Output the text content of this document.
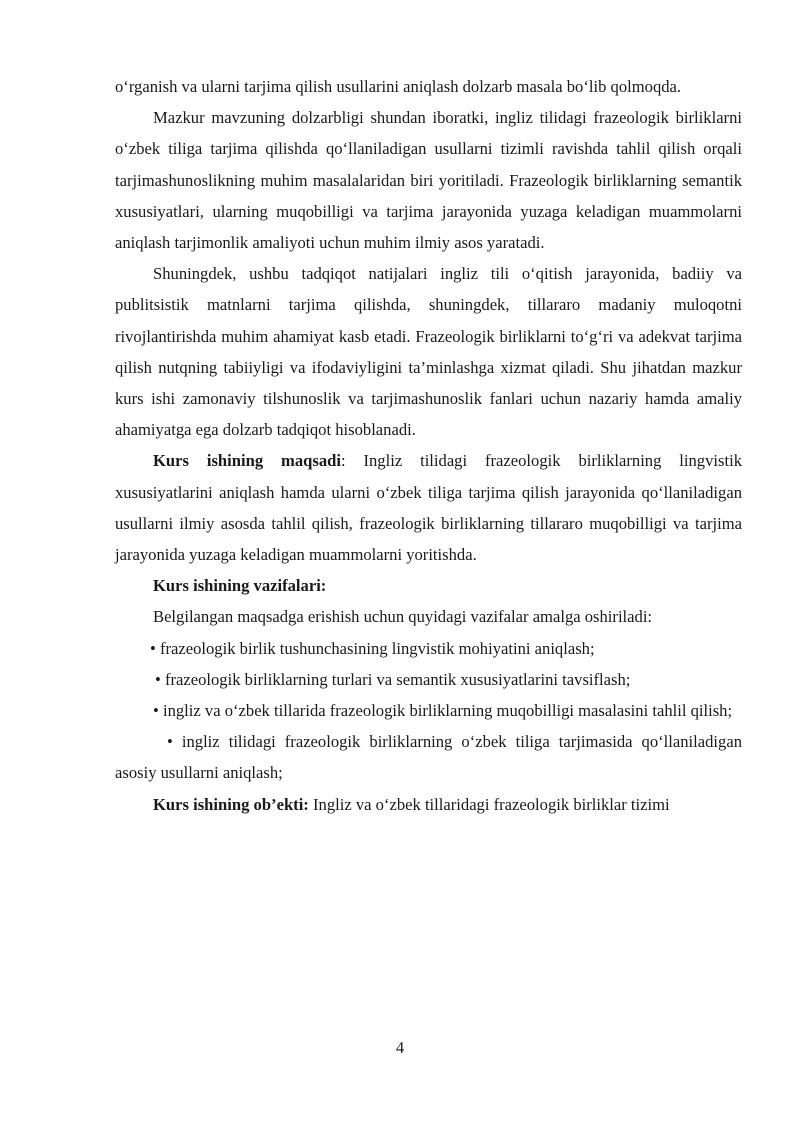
o‘rganish va ularni tarjima qilish usullarini aniqlash dolzarb masala bo‘lib qolmoqda.

Mazkur mavzuning dolzarbligi shundan iboratki, ingliz tilidagi frazeologik birliklarni o‘zbek tiliga tarjima qilishda qo‘llaniladigan usullarni tizimli ravishda tahlil qilish orqali tarjimashunoslikning muhim masalalaridan biri yoritiladi. Frazeologik birliklarning semantik xususiyatlari, ularning muqobilligi va tarjima jarayonida yuzaga keladigan muammolarni aniqlash tarjimonlik amaliyoti uchun muhim ilmiy asos yaratadi.

Shuningdek, ushbu tadqiqot natijalari ingliz tili o‘qitish jarayonida, badiiy va publitsistik matnlarni tarjima qilishda, shuningdek, tillararo madaniy muloqotni rivojlantirishda muhim ahamiyat kasb etadi. Frazeologik birliklarni to‘g‘ri va adekvat tarjima qilish nutqning tabiiyligi va ifodaviyligini ta’minlashga xizmat qiladi. Shu jihatdan mazkur kurs ishi zamonaviy tilshunoslik va tarjimashunoslik fanlari uchun nazariy hamda amaliy ahamiyatga ega dolzarb tadqiqot hisoblanadi.

Kurs ishining maqsadi: Ingliz tilidagi frazeologik birliklarning lingvistik xususiyatlarini aniqlash hamda ularni o‘zbek tiliga tarjima qilish jarayonida qo‘llaniladigan usullarni ilmiy asosda tahlil qilish, frazeologik birliklarning tillararo muqobilligi va tarjima jarayonida yuzaga keladigan muammolarni yoritishda.

Kurs ishining vazifalari:

Belgilangan maqsadga erishish uchun quyidagi vazifalar amalga oshiriladi:

• frazeologik birlik tushunchasining lingvistik mohiyatini aniqlash;

• frazeologik birliklarning turlari va semantik xususiyatlarini tavsiflash;

• ingliz va o‘zbek tillarida frazeologik birliklarning muqobilligi masalasini tahlil qilish;

• ingliz tilidagi frazeologik birliklarning o‘zbek tiliga tarjimasida qo‘llaniladigan asosiy usullarni aniqlash;

Kurs ishining ob’ekti: Ingliz va o‘zbek tillaridagi frazeologik birliklar tizimi

4
